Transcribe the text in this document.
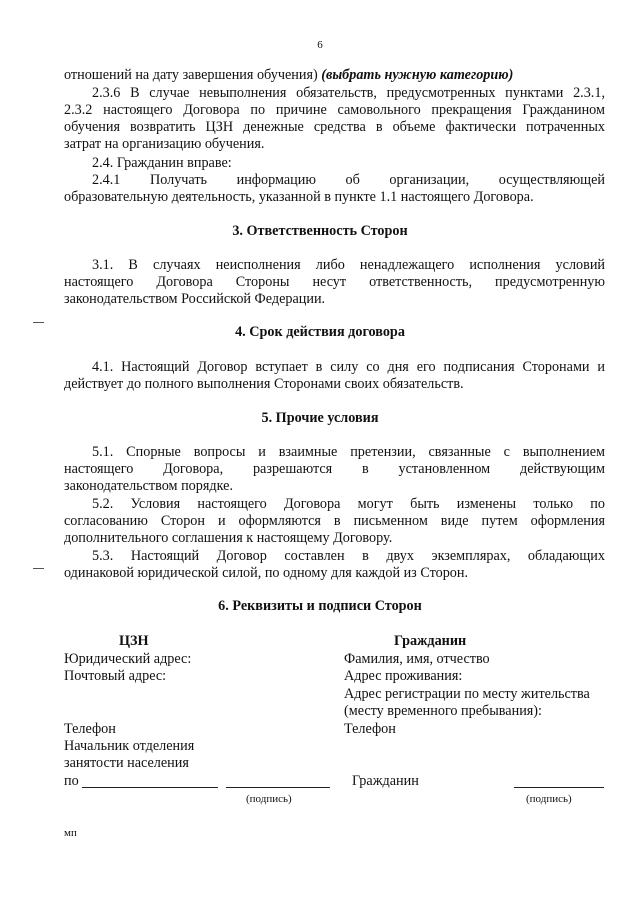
6
отношений на дату завершения обучения) (выбрать нужную категорию)
2.3.6 В случае невыполнения обязательств, предусмотренных пунктами 2.3.1,
2.3.2 настоящего Договора по причине самовольного прекращения Гражданином
обучения возвратить ЦЗН денежные средства в объеме фактически потраченных
затрат на организацию обучения.
2.4. Гражданин вправе:
2.4.1 Получать информацию об организации, осуществляющей
образовательную деятельность, указанной в пункте 1.1 настоящего Договора.
3. Ответственность Сторон
3.1. В случаях неисполнения либо ненадлежащего исполнения условий
настоящего Договора Стороны несут ответственность, предусмотренную
законодательством Российской Федерации.
4. Срок действия договора
4.1. Настоящий Договор вступает в силу со дня его подписания Сторонами и
действует до полного выполнения Сторонами своих обязательств.
5. Прочие условия
5.1. Спорные вопросы и взаимные претензии, связанные с выполнением
настоящего Договора, разрешаются в установленном действующим
законодательством порядке.
5.2. Условия настоящего Договора могут быть изменены только по
согласованию Сторон и оформляются в письменном виде путем оформления
дополнительного соглашения к настоящему Договору.
5.3. Настоящий Договор составлен в двух экземплярах, обладающих
одинаковой юридической силой, по одному для каждой из Сторон.
6. Реквизиты и подписи Сторон
ЦЗН
Юридический адрес:
Почтовый адрес:
Телефон
Начальник отделения
занятости населения
по
(подпись)
мп
Гражданин
Фамилия, имя, отчество
Адрес проживания:
Адрес регистрации по месту жительства
(месту временного пребывания):
Телефон
Гражданин
(подпись)
